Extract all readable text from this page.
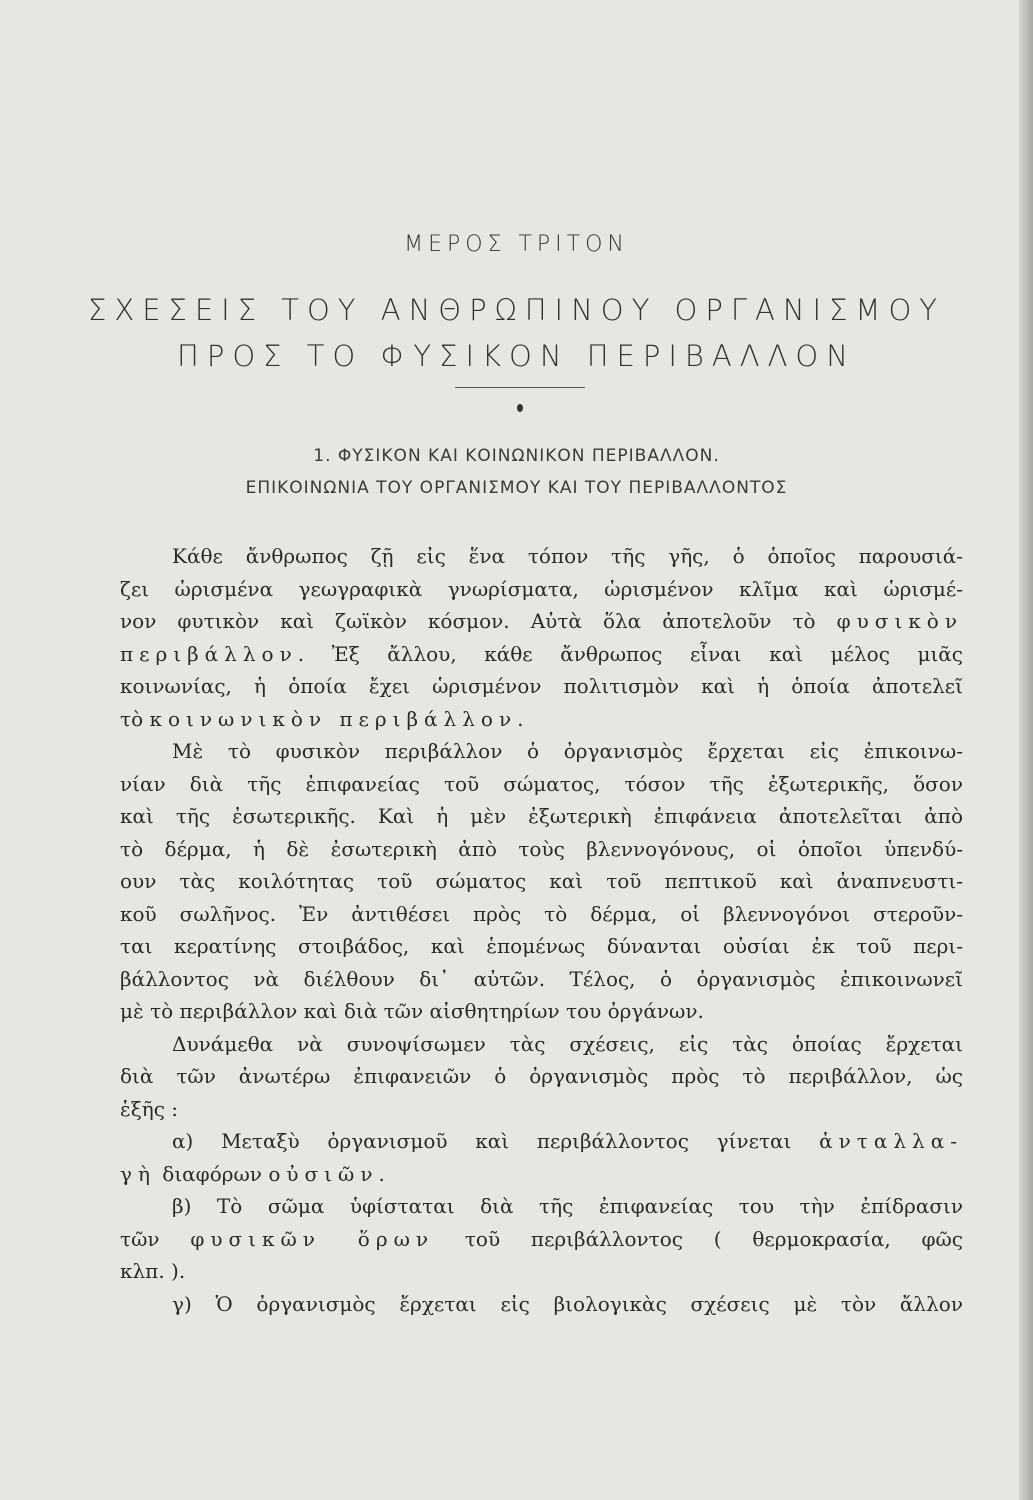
ΜΕΡΟΣ ΤΡΙΤΟΝ
ΣΧΕΣΕΙΣ ΤΟΥ ΑΝΘΡΩΠΙΝΟΥ ΟΡΓΑΝΙΣΜΟΥ
ΠΡΟΣ ΤΟ ΦΥΣΙΚΟΝ ΠΕΡΙΒΑΛΛΟΝ
1. ΦΥΣΙΚΟΝ ΚΑΙ ΚΟΙΝΩΝΙΚΟΝ ΠΕΡΙΒΑΛΛΟΝ.
ΕΠΙΚΟΙΝΩΝΙΑ ΤΟΥ ΟΡΓΑΝΙΣΜΟΥ ΚΑΙ ΤΟΥ ΠΕΡΙΒΑΛΛΟΝΤΟΣ
Κάθε ἄνθρωπος ζῇ εἰς ἕνα τόπον τῆς γῆς, ὁ ὁποῖος παρουσιά-
ζει ὡρισμένα γεωγραφικὰ γνωρίσματα, ὡρισμένον κλῖμα καὶ ὡρισμέ-
νον φυτικὸν καὶ ζωϊκὸν κόσμον. Αὐτὰ ὅλα ἀποτελοῦν τὸ φυσικὸν
περιβάλλον. Ἐξ ἄλλου, κάθε ἄνθρωπος εἶναι καὶ μέλος μιᾶς
κοινωνίας, ἡ ὁποία ἔχει ὡρισμένον πολιτισμὸν καὶ ἡ ὁποία ἀποτελεῖ
τὸ κοινωνικὸν περιβάλλον.
Μὲ τὸ φυσικὸν περιβάλλον ὁ ὀργανισμὸς ἔρχεται εἰς ἐπικοινω-
νίαν διὰ τῆς ἐπιφανείας τοῦ σώματος, τόσον τῆς ἐξωτερικῆς, ὅσον
καὶ τῆς ἐσωτερικῆς. Καὶ ἡ μὲν ἐξωτερικὴ ἐπιφάνεια ἀποτελεῖται ἀπὸ
τὸ δέρμα, ἡ δὲ ἐσωτερικὴ ἀπὸ τοὺς βλεννογόνους, οἱ ὁποῖοι ὑπενδύ-
ουν τὰς κοιλότητας τοῦ σώματος καὶ τοῦ πεπτικοῦ καὶ ἀναπνευστι-
κοῦ σωλῆνος. Ἐν ἀντιθέσει πρὸς τὸ δέρμα, οἱ βλεννογόνοι στεροῦν-
ται κερατίνης στοιβάδος, καὶ ἑπομένως δύνανται οὐσίαι ἐκ τοῦ περι-
βάλλοντος νὰ διέλθουν δι᾿ αὐτῶν. Τέλος, ὁ ὀργανισμὸς ἐπικοινωνεῖ
μὲ τὸ περιβάλλον καὶ διὰ τῶν αἰσθητηρίων του ὀργάνων.
Δυνάμεθα νὰ συνοψίσωμεν τὰς σχέσεις, εἰς τὰς ὁποίας ἔρχεται
διὰ τῶν ἀνωτέρω ἐπιφανειῶν ὁ ὀργανισμὸς πρὸς τὸ περιβάλλον, ὡς
ἑξῆς :
α) Μεταξὺ ὀργανισμοῦ καὶ περιβάλλοντος γίνεται ἀνταλλα-
γὴ διαφόρων οὐσιῶν.
β) Τὸ σῶμα ὑφίσταται διὰ τῆς ἐπιφανείας του τὴν ἐπίδρασιν
τῶν φυσικῶν ὅρων τοῦ περιβάλλοντος ( θερμοκρασία, φῶς
κλπ. ).
γ) Ὁ ὀργανισμὸς ἔρχεται εἰς βιολογικὰς σχέσεις μὲ τὸν ἄλλον
